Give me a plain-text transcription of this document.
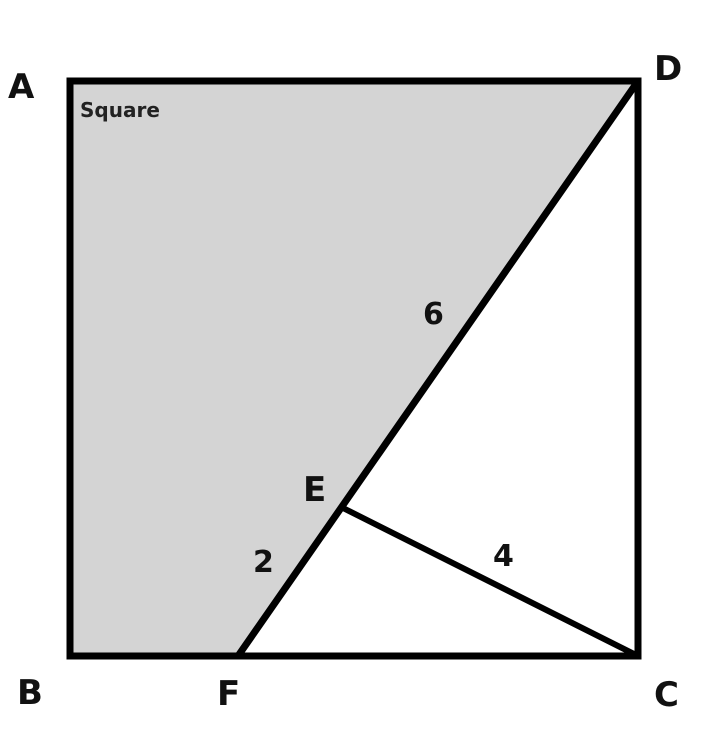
Square
A	D
B	F	C
E
6
2	4
